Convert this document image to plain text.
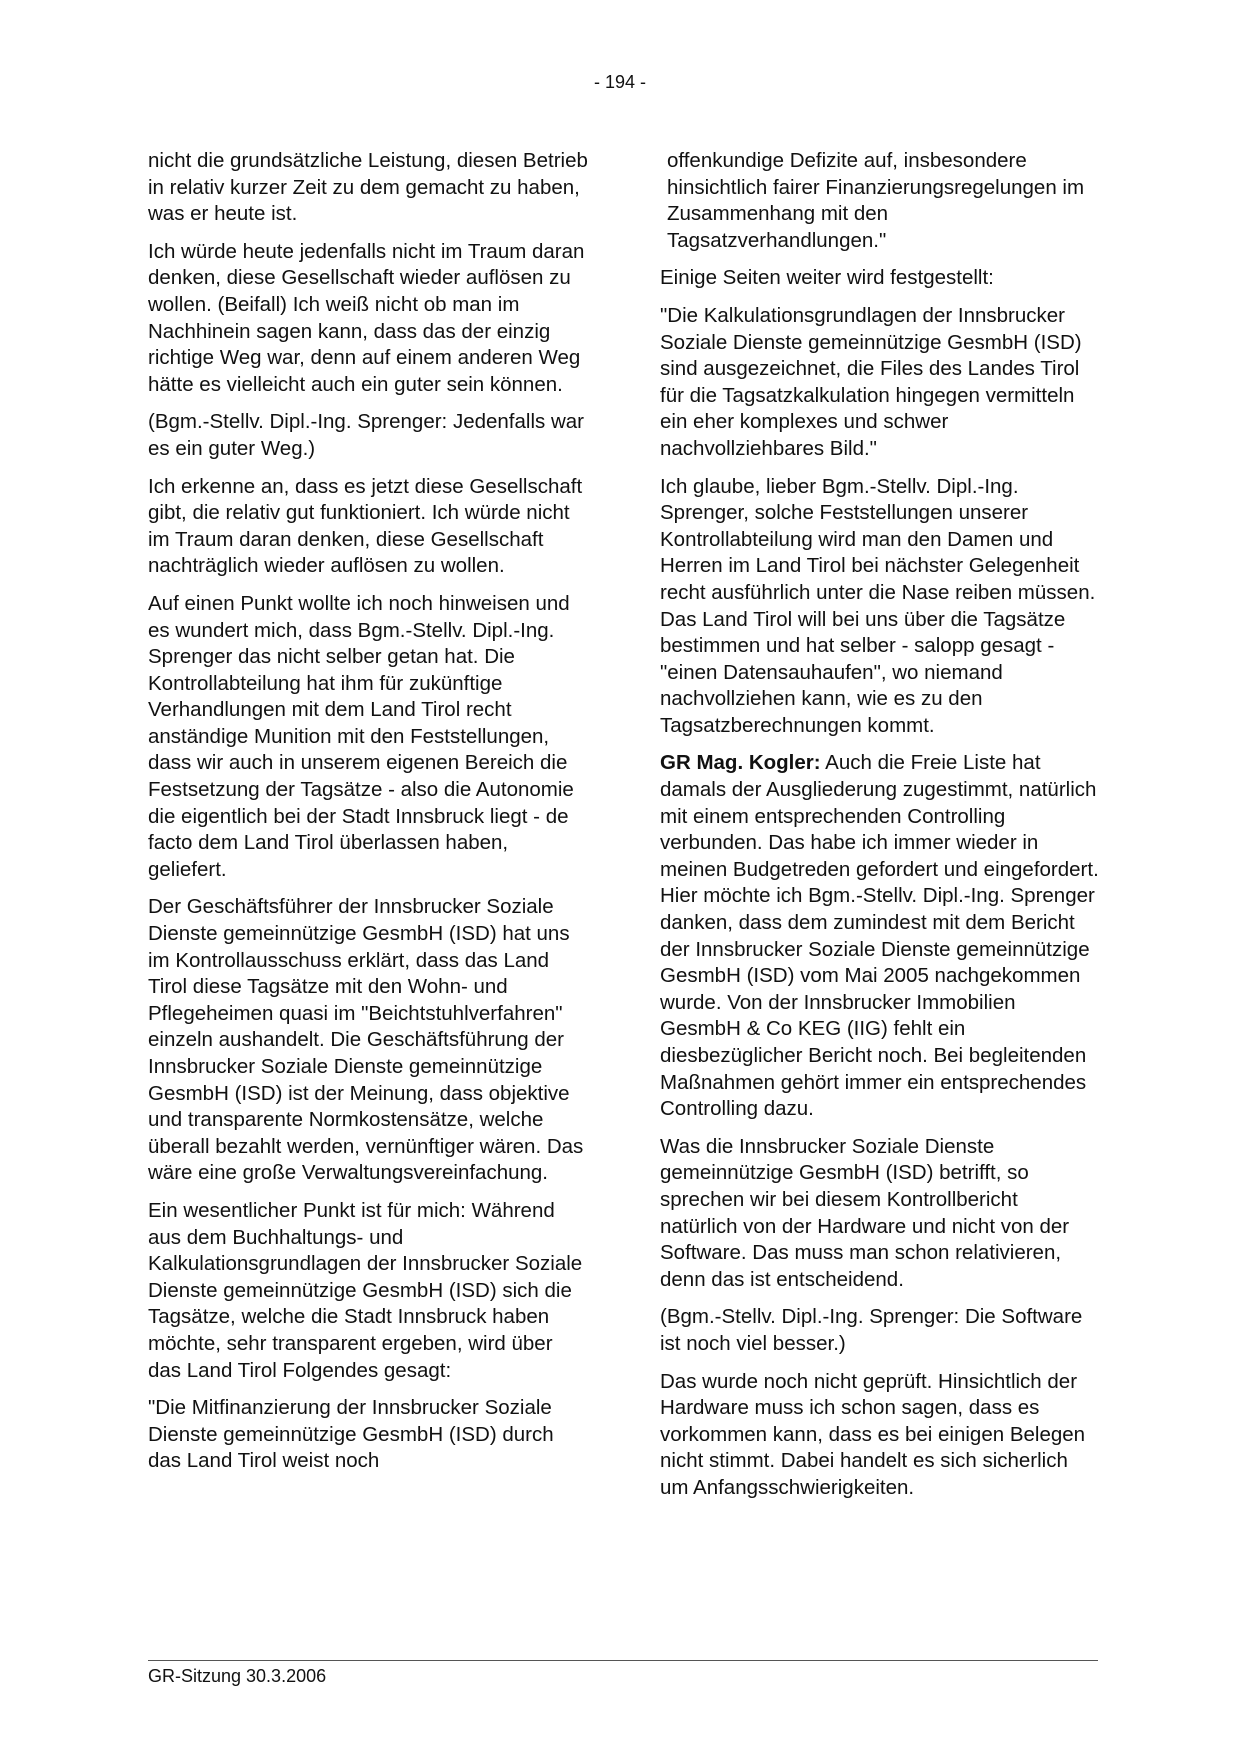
- 194 -

nicht die grundsätzliche Leistung, diesen Betrieb in relativ kurzer Zeit zu dem gemacht zu haben, was er heute ist.

Ich würde heute jedenfalls nicht im Traum daran denken, diese Gesellschaft wieder auflösen zu wollen. (Beifall) Ich weiß nicht ob man im Nachhinein sagen kann, dass das der einzig richtige Weg war, denn auf einem anderen Weg hätte es vielleicht auch ein guter sein können.

(Bgm.-Stellv. Dipl.-Ing. Sprenger: Jedenfalls war es ein guter Weg.)

Ich erkenne an, dass es jetzt diese Gesellschaft gibt, die relativ gut funktioniert. Ich würde nicht im Traum daran denken, diese Gesellschaft nachträglich wieder auflösen zu wollen.

Auf einen Punkt wollte ich noch hinweisen und es wundert mich, dass Bgm.-Stellv. Dipl.-Ing. Sprenger das nicht selber getan hat. Die Kontrollabteilung hat ihm für zukünftige Verhandlungen mit dem Land Tirol recht anständige Munition mit den Feststellungen, dass wir auch in unserem eigenen Bereich die Festsetzung der Tagsätze - also die Autonomie die eigentlich bei der Stadt Innsbruck liegt - de facto dem Land Tirol überlassen haben, geliefert.

Der Geschäftsführer der Innsbrucker Soziale Dienste gemeinnützige GesmbH (ISD) hat uns im Kontrollausschuss erklärt, dass das Land Tirol diese Tagsätze mit den Wohn- und Pflegeheimen quasi im "Beichtstuhlverfahren" einzeln aushandelt. Die Geschäftsführung der Innsbrucker Soziale Dienste gemeinnützige GesmbH (ISD) ist der Meinung, dass objektive und transparente Normkostensätze, welche überall bezahlt werden, vernünftiger wären. Das wäre eine große Verwaltungsvereinfachung.

Ein wesentlicher Punkt ist für mich: Während aus dem Buchhaltungs- und Kalkulationsgrundlagen der Innsbrucker Soziale Dienste gemeinnützige GesmbH (ISD) sich die Tagsätze, welche die Stadt Innsbruck haben möchte, sehr transparent ergeben, wird über das Land Tirol Folgendes gesagt:

"Die Mitfinanzierung der Innsbrucker Soziale Dienste gemeinnützige GesmbH (ISD) durch das Land Tirol weist noch

offenkundige Defizite auf, insbesondere hinsichtlich fairer Finanzierungsregelungen im Zusammenhang mit den Tagsatzverhandlungen."

Einige Seiten weiter wird festgestellt:

"Die Kalkulationsgrundlagen der Innsbrucker Soziale Dienste gemeinnützige GesmbH (ISD) sind ausgezeichnet, die Files des Landes Tirol für die Tagsatzkalkulation hingegen vermitteln ein eher komplexes und schwer nachvollziehbares Bild."

Ich glaube, lieber Bgm.-Stellv. Dipl.-Ing. Sprenger, solche Feststellungen unserer Kontrollabteilung wird man den Damen und Herren im Land Tirol bei nächster Gelegenheit recht ausführlich unter die Nase reiben müssen. Das Land Tirol will bei uns über die Tagsätze bestimmen und hat selber - salopp gesagt - "einen Datensauhaufen", wo niemand nachvollziehen kann, wie es zu den Tagsatzberechnungen kommt.

GR Mag. Kogler: Auch die Freie Liste hat damals der Ausgliederung zugestimmt, natürlich mit einem entsprechenden Controlling verbunden. Das habe ich immer wieder in meinen Budgetreden gefordert und eingefordert. Hier möchte ich Bgm.-Stellv. Dipl.-Ing. Sprenger danken, dass dem zumindest mit dem Bericht der Innsbrucker Soziale Dienste gemeinnützige GesmbH (ISD) vom Mai 2005 nachgekommen wurde. Von der Innsbrucker Immobilien GesmbH & Co KEG (IIG) fehlt ein diesbezüglicher Bericht noch. Bei begleitenden Maßnahmen gehört immer ein entsprechendes Controlling dazu.

Was die Innsbrucker Soziale Dienste gemeinnützige GesmbH (ISD) betrifft, so sprechen wir bei diesem Kontrollbericht natürlich von der Hardware und nicht von der Software. Das muss man schon relativieren, denn das ist entscheidend.

(Bgm.-Stellv. Dipl.-Ing. Sprenger: Die Software ist noch viel besser.)

Das wurde noch nicht geprüft. Hinsichtlich der Hardware muss ich schon sagen, dass es vorkommen kann, dass es bei einigen Belegen nicht stimmt. Dabei handelt es sich sicherlich um Anfangsschwierigkeiten.

GR-Sitzung 30.3.2006
